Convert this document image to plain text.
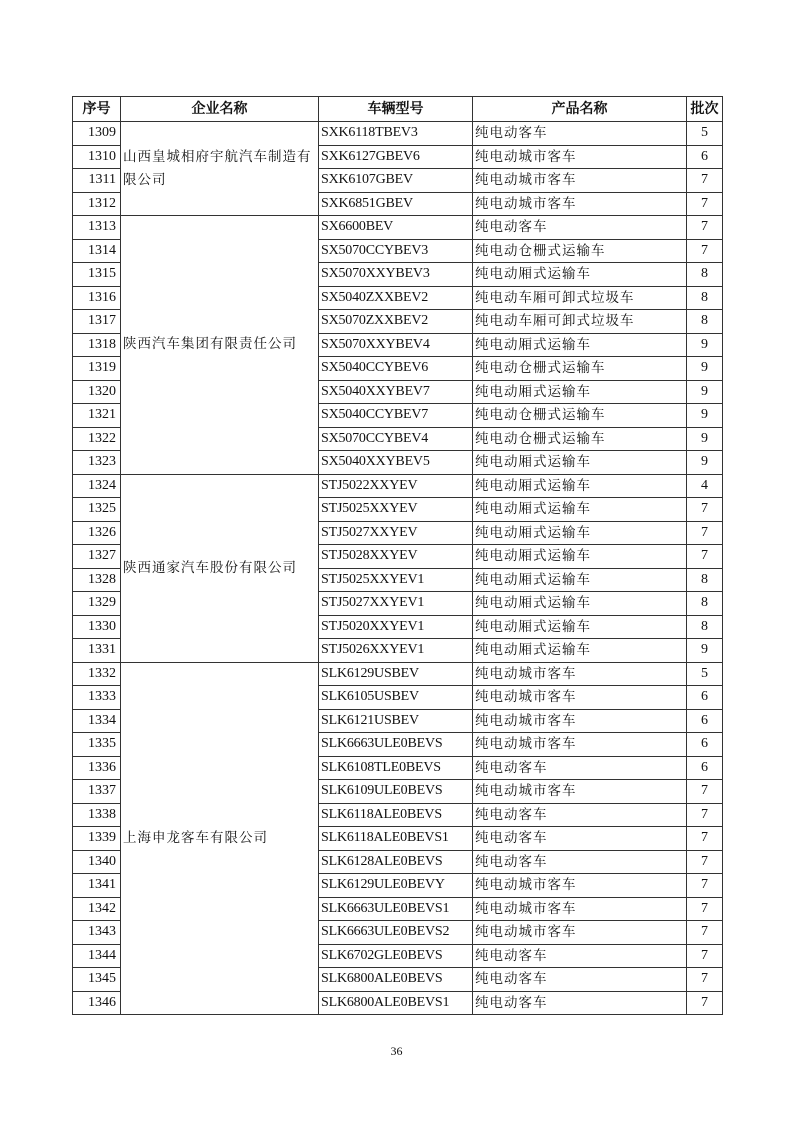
序号	企业名称	车辆型号	产品名称	批次
1309	山西皇城相府宇航汽车制造有限公司	SXK6118TBEV3	纯电动客车	5
1310		SXK6127GBEV6	纯电动城市客车	6
1311		SXK6107GBEV	纯电动城市客车	7
1312		SXK6851GBEV	纯电动城市客车	7
1313	陕西汽车集团有限责任公司	SX6600BEV	纯电动客车	7
1314		SX5070CCYBEV3	纯电动仓栅式运输车	7
1315		SX5070XXYBEV3	纯电动厢式运输车	8
1316		SX5040ZXXBEV2	纯电动车厢可卸式垃圾车	8
1317		SX5070ZXXBEV2	纯电动车厢可卸式垃圾车	8
1318		SX5070XXYBEV4	纯电动厢式运输车	9
1319		SX5040CCYBEV6	纯电动仓栅式运输车	9
1320		SX5040XXYBEV7	纯电动厢式运输车	9
1321		SX5040CCYBEV7	纯电动仓栅式运输车	9
1322		SX5070CCYBEV4	纯电动仓栅式运输车	9
1323		SX5040XXYBEV5	纯电动厢式运输车	9
1324	陕西通家汽车股份有限公司	STJ5022XXYEV	纯电动厢式运输车	4
1325		STJ5025XXYEV	纯电动厢式运输车	7
1326		STJ5027XXYEV	纯电动厢式运输车	7
1327		STJ5028XXYEV	纯电动厢式运输车	7
1328		STJ5025XXYEV1	纯电动厢式运输车	8
1329		STJ5027XXYEV1	纯电动厢式运输车	8
1330		STJ5020XXYEV1	纯电动厢式运输车	8
1331		STJ5026XXYEV1	纯电动厢式运输车	9
1332	上海申龙客车有限公司	SLK6129USBEV	纯电动城市客车	5
1333		SLK6105USBEV	纯电动城市客车	6
1334		SLK6121USBEV	纯电动城市客车	6
1335		SLK6663ULE0BEVS	纯电动城市客车	6
1336		SLK6108TLE0BEVS	纯电动客车	6
1337		SLK6109ULE0BEVS	纯电动城市客车	7
1338		SLK6118ALE0BEVS	纯电动客车	7
1339		SLK6118ALE0BEVS1	纯电动客车	7
1340		SLK6128ALE0BEVS	纯电动客车	7
1341		SLK6129ULE0BEVY	纯电动城市客车	7
1342		SLK6663ULE0BEVS1	纯电动城市客车	7
1343		SLK6663ULE0BEVS2	纯电动城市客车	7
1344		SLK6702GLE0BEVS	纯电动客车	7
1345		SLK6800ALE0BEVS	纯电动客车	7
1346		SLK6800ALE0BEVS1	纯电动客车	7
36
